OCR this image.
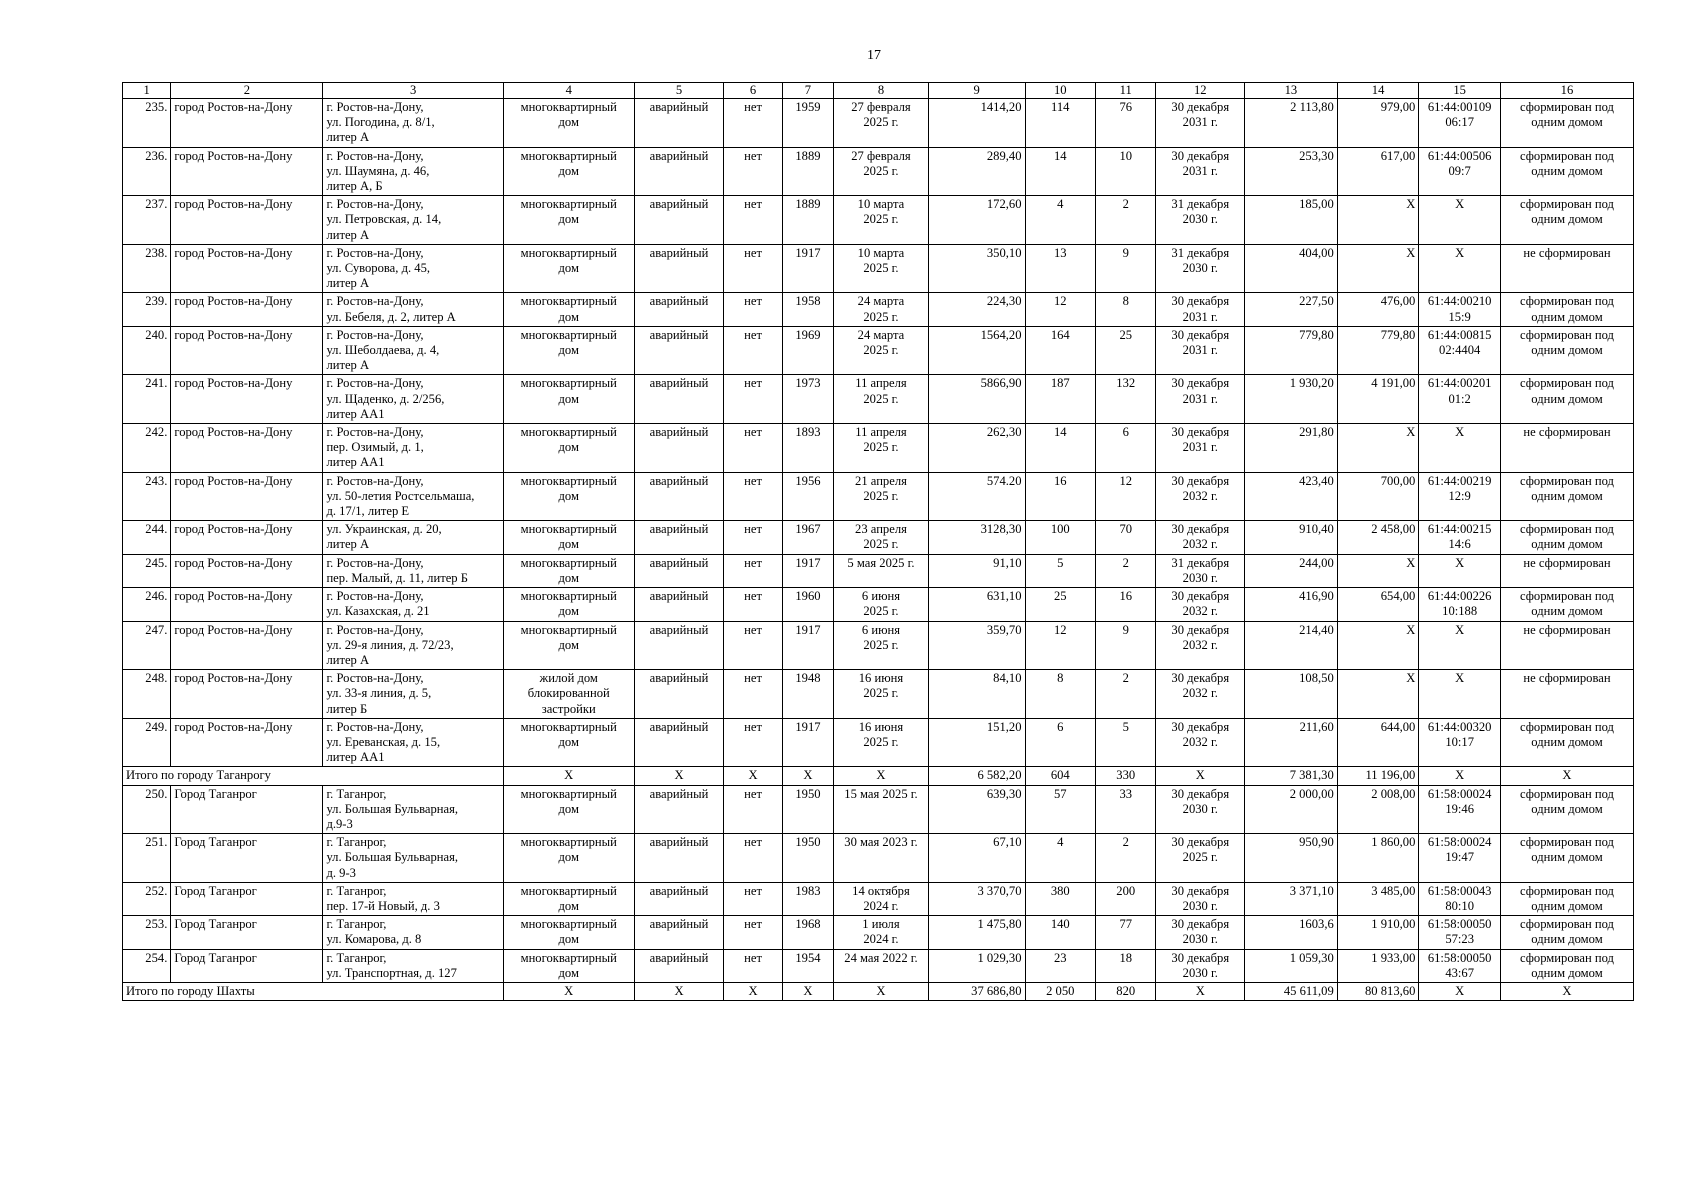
17
1	2	3	4	5	6	7	8	9	10	11	12	13	14	15	16
235.	город Ростов-на-Дону	г. Ростов-на-Дону,
ул. Погодина, д. 8/1,
литер А	многоквартирный
дом	аварийный	нет	1959	27 февраля
2025 г.	1414,20	114	76	30 декабря
2031 г.	2 113,80	979,00	61:44:00109
06:17	сформирован под
одним домом
236.	город Ростов-на-Дону	г. Ростов-на-Дону,
ул. Шаумяна, д. 46,
литер А, Б	многоквартирный
дом	аварийный	нет	1889	27 февраля
2025 г.	289,40	14	10	30 декабря
2031 г.	253,30	617,00	61:44:00506
09:7	сформирован под
одним домом
237.	город Ростов-на-Дону	г. Ростов-на-Дону,
ул. Петровская, д. 14,
литер А	многоквартирный
дом	аварийный	нет	1889	10 марта
2025 г.	172,60	4	2	31 декабря
2030 г.	185,00	Х	Х	сформирован под
одним домом
238.	город Ростов-на-Дону	г. Ростов-на-Дону,
ул. Суворова, д. 45,
литер А	многоквартирный
дом	аварийный	нет	1917	10 марта
2025 г.	350,10	13	9	31 декабря
2030 г.	404,00	Х	Х	не сформирован
239.	город Ростов-на-Дону	г. Ростов-на-Дону,
ул. Бебеля, д. 2, литер А	многоквартирный
дом	аварийный	нет	1958	24 марта
2025 г.	224,30	12	8	30 декабря
2031 г.	227,50	476,00	61:44:00210
15:9	сформирован под
одним домом
240.	город Ростов-на-Дону	г. Ростов-на-Дону,
ул. Шеболдаева, д. 4,
литер А	многоквартирный
дом	аварийный	нет	1969	24 марта
2025 г.	1564,20	164	25	30 декабря
2031 г.	779,80	779,80	61:44:00815
02:4404	сформирован под
одним домом
241.	город Ростов-на-Дону	г. Ростов-на-Дону,
ул. Щаденко, д. 2/256,
литер АА1	многоквартирный
дом	аварийный	нет	1973	11 апреля
2025 г.	5866,90	187	132	30 декабря
2031 г.	1 930,20	4 191,00	61:44:00201
01:2	сформирован под
одним домом
242.	город Ростов-на-Дону	г. Ростов-на-Дону,
пер. Озимый, д. 1,
литер АА1	многоквартирный
дом	аварийный	нет	1893	11 апреля
2025 г.	262,30	14	6	30 декабря
2031 г.	291,80	Х	Х	не сформирован
243.	город Ростов-на-Дону	г. Ростов-на-Дону,
ул. 50-летия Ростсельмаша,
д. 17/1, литер Е	многоквартирный
дом	аварийный	нет	1956	21 апреля
2025 г.	574.20	16	12	30 декабря
2032 г.	423,40	700,00	61:44:00219
12:9	сформирован под
одним домом
244.	город Ростов-на-Дону	ул. Украинская, д. 20,
литер А	многоквартирный
дом	аварийный	нет	1967	23 апреля
2025 г.	3128,30	100	70	30 декабря
2032 г.	910,40	2 458,00	61:44:00215
14:6	сформирован под
одним домом
245.	город Ростов-на-Дону	г. Ростов-на-Дону,
пер. Малый, д. 11, литер Б	многоквартирный
дом	аварийный	нет	1917	5 мая 2025 г.	91,10	5	2	31 декабря
2030 г.	244,00	Х	Х	не сформирован
246.	город Ростов-на-Дону	г. Ростов-на-Дону,
ул. Казахская, д. 21	многоквартирный
дом	аварийный	нет	1960	6 июня
2025 г.	631,10	25	16	30 декабря
2032 г.	416,90	654,00	61:44:00226
10:188	сформирован под
одним домом
247.	город Ростов-на-Дону	г. Ростов-на-Дону,
ул. 29-я линия, д. 72/23,
литер А	многоквартирный
дом	аварийный	нет	1917	6 июня
2025 г.	359,70	12	9	30 декабря
2032 г.	214,40	Х	Х	не сформирован
248.	город Ростов-на-Дону	г. Ростов-на-Дону,
ул. 33-я линия, д. 5,
литер Б	жилой дом
блокированной
застройки	аварийный	нет	1948	16 июня
2025 г.	84,10	8	2	30 декабря
2032 г.	108,50	Х	Х	не сформирован
249.	город Ростов-на-Дону	г. Ростов-на-Дону,
ул. Ереванская, д. 15,
литер АА1	многоквартирный
дом	аварийный	нет	1917	16 июня
2025 г.	151,20	6	5	30 декабря
2032 г.	211,60	644,00	61:44:00320
10:17	сформирован под
одним домом
Итого по городу Таганрогу			Х	Х	Х	Х	Х	6 582,20	604	330	Х	7 381,30	11 196,00	Х	Х
250.	Город Таганрог	г. Таганрог,
ул. Большая Бульварная,
д.9-3	многоквартирный
дом	аварийный	нет	1950	15 мая 2025 г.	639,30	57	33	30 декабря
2030 г.	2 000,00	2 008,00	61:58:00024
19:46	сформирован под
одним домом
251.	Город Таганрог	г. Таганрог,
ул. Большая Бульварная,
д. 9-3	многоквартирный
дом	аварийный	нет	1950	30 мая 2023 г.	67,10	4	2	30 декабря
2025 г.	950,90	1 860,00	61:58:00024
19:47	сформирован под
одним домом
252.	Город Таганрог	г. Таганрог,
пер. 17-й Новый, д. 3	многоквартирный
дом	аварийный	нет	1983	14 октября
2024 г.	3 370,70	380	200	30 декабря
2030 г.	3 371,10	3 485,00	61:58:00043
80:10	сформирован под
одним домом
253.	Город Таганрог	г. Таганрог,
ул. Комарова, д. 8	многоквартирный
дом	аварийный	нет	1968	1 июля
2024 г.	1 475,80	140	77	30 декабря
2030 г.	1603,6	1 910,00	61:58:00050
57:23	сформирован под
одним домом
254.	Город Таганрог	г. Таганрог,
ул. Транспортная, д. 127	многоквартирный
дом	аварийный	нет	1954	24 мая 2022 г.	1 029,30	23	18	30 декабря
2030 г.	1 059,30	1 933,00	61:58:00050
43:67	сформирован под
одним домом
Итого по городу Шахты			Х	Х	Х	Х	Х	37 686,80	2 050	820	Х	45 611,09	80 813,60	Х	Х
